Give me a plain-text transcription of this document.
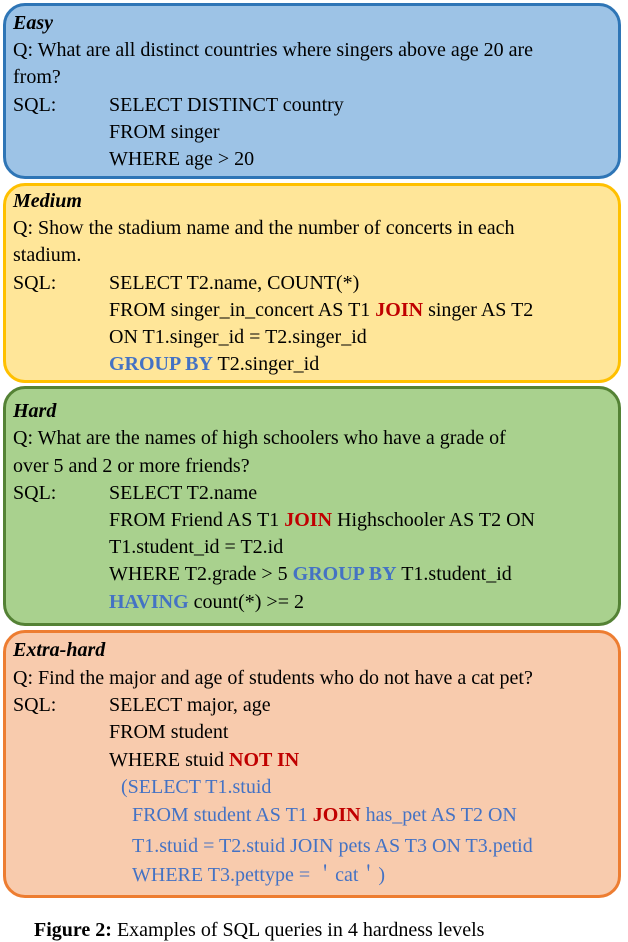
Easy
Q: What are all distinct countries where singers above age 20 are
from?
SQL:	SELECT DISTINCT country
FROM singer
WHERE age > 20
Medium
Q: Show the stadium name and the number of concerts in each
stadium.
SQL:	SELECT T2.name, COUNT(*)
FROM singer_in_concert AS T1 JOIN singer AS T2
ON T1.singer_id = T2.singer_id
GROUP BY T2.singer_id
Hard
Q: What are the names of high schoolers who have a grade of
over 5 and 2 or more friends?
SQL:	SELECT T2.name
FROM Friend AS T1 JOIN Highschooler AS T2 ON
T1.student_id = T2.id
WHERE T2.grade > 5 GROUP BY T1.student_id
HAVING count(*) >= 2
Extra-hard
Q: Find the major and age of students who do not have a cat pet?
SQL:	SELECT major, age
FROM student
WHERE stuid NOT IN
(SELECT T1.stuid
FROM student AS T1 JOIN has_pet AS T2 ON
T1.stuid = T2.stuid JOIN pets AS T3 ON T3.petid
WHERE T3.pettype = ＇cat＇)
Figure 2: Examples of SQL queries in 4 hardness levels
